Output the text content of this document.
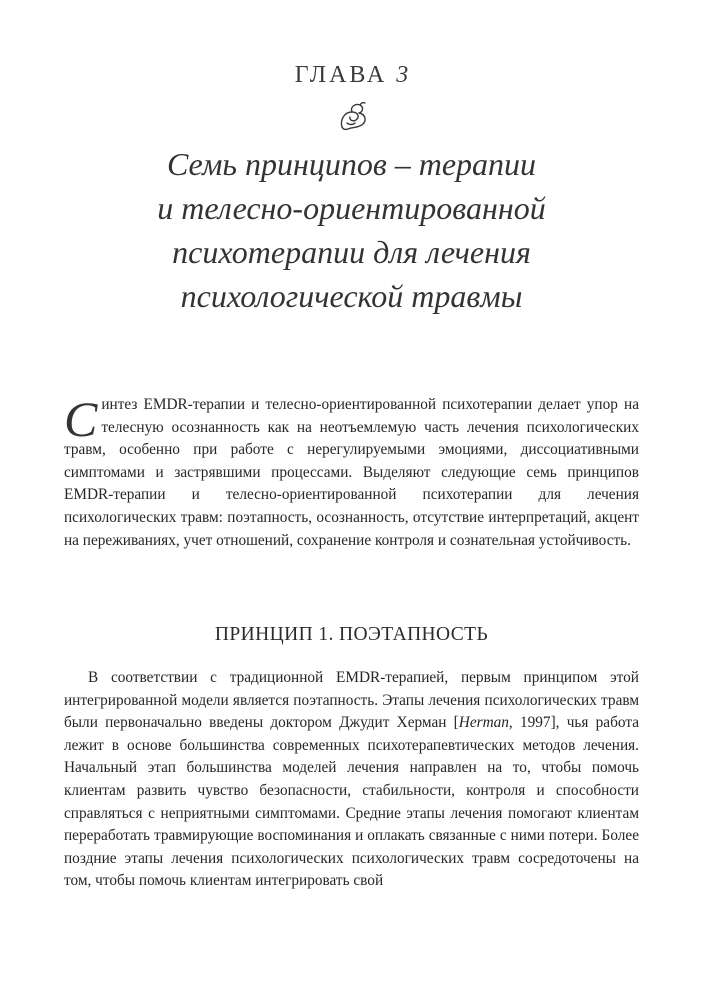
ГЛАВА 3
Семь принципов – терапии
и телесно-ориентированной
психотерапии для лечения
психологической травмы
Синтез EMDR-терапии и телесно-ориентированной психотерапии делает упор на телесную осознанность как на неотъемлемую часть лечения психологических травм, особенно при работе с нерегулируемыми эмоциями, диссоциативными симптомами и застрявшими процессами. Выделяют следующие семь принципов EMDR-терапии и телесно-ориентированной психотерапии для лечения психологических травм: поэтапность, осознанность, отсутствие интерпретаций, акцент на переживаниях, учет отношений, сохранение контроля и сознательная устойчивость.
ПРИНЦИП 1. ПОЭТАПНОСТЬ

В соответствии с традиционной EMDR-терапией, первым принципом этой интегрированной модели является поэтапность. Этапы лечения психологических травм были первоначально введены доктором Джудит Херман [Herman, 1997], чья работа лежит в основе большинства современных психотерапевтических методов лечения. Начальный этап большинства моделей лечения направлен на то, чтобы помочь клиентам развить чувство безопасности, стабильности, контроля и способности справляться с неприятными симптомами. Средние этапы лечения помогают клиентам переработать травмирующие воспоминания и оплакать связанные с ними потери. Более поздние этапы лечения психологических психологических травм сосредоточены на том, чтобы помочь клиентам интегрировать свой
